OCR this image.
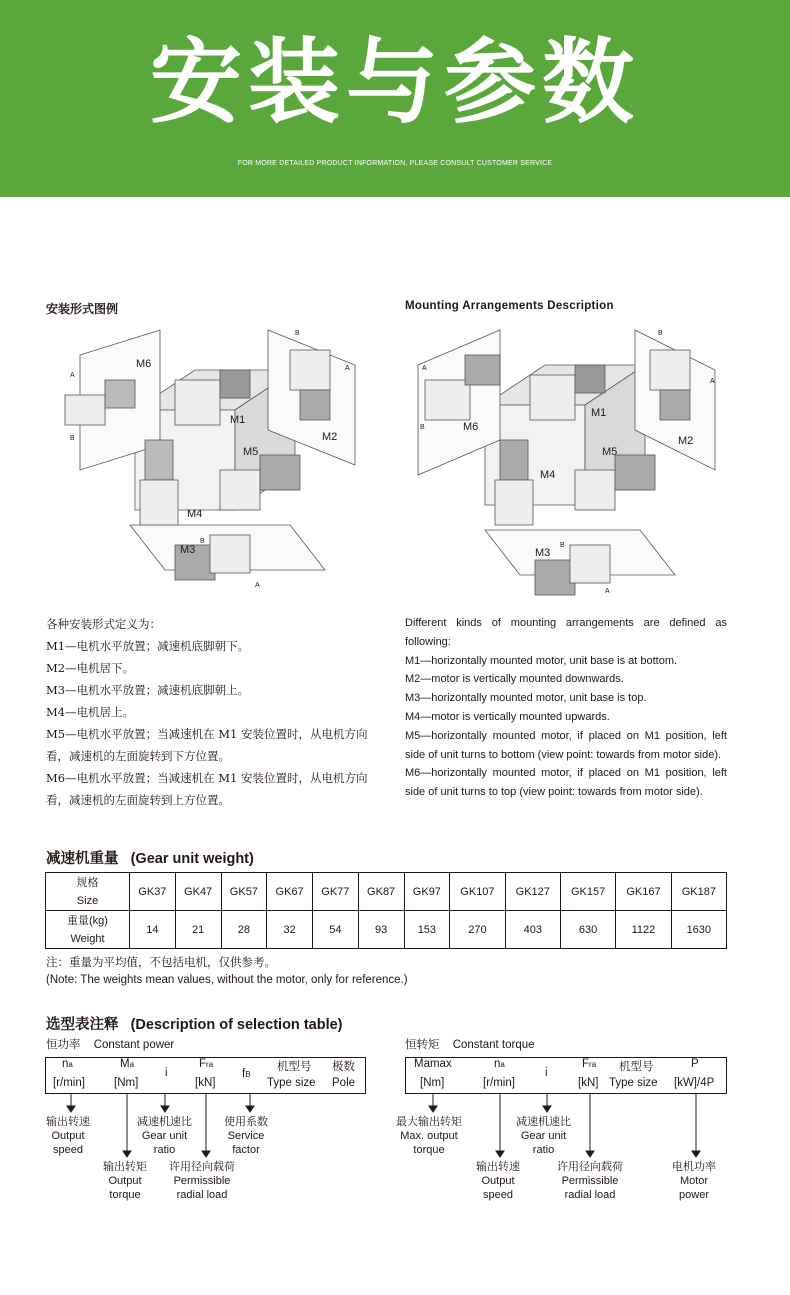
安装与参数
FOR MORE DETAILED PRODUCT INFORMATION, PLEASE CONSULT CUSTOMER SERVICE
安装形式图例	Mounting Arrangements Description
M1
M2
M3
M4
M5
M6
A
B
B
A
A
B
M1
M2
M3
M4
M5
M6
A
B
B
A
A
B

各种安装形式定义为：

M1—电机水平放置；减速机底脚朝下。

M2—电机居下。

M3—电机水平放置；减速机底脚朝上。

M4—电机居上。

M5—电机水平放置；当减速机在 M1 安装位置时，从电机方向看，减速机的左面旋转到下方位置。

M6—电机水平放置；当减速机在 M1 安装位置时，从电机方向看，减速机的左面旋转到上方位置。

Different kinds of mounting arrangements are defined as following:

M1—horizontally mounted motor, unit base is at bottom.

M2—motor is vertically mounted downwards.

M3—horizontally mounted motor, unit base is top.

M4—motor is vertically mounted upwards.

M5—horizontally mounted motor, if placed on M1 position, left side of unit turns to bottom (view point: towards from motor side).

M6—horizontally mounted motor, if placed on M1 position, left side of unit turns to top (view point: towards from motor side).

减速机重量 (Gear unit weight)
规格
Size	GK37	GK47	GK57	GK67	GK77	GK87	GK97	GK107	GK127	GK157	GK167	GK187
重量(kg)
Weight	14	21	28	32	54	93	153	270	403	630	1122	1630
注：重量为平均值，不包括电机，仅供参考。
(Note: The weights mean values, without the motor, only for reference.)
选型表注释 (Description of selection table)
恒功率 Constant power
na
[r/min]
Ma
[Nm]
i
Fra
[kN]
fB
机型号
Type size
极数
Pole
输出转速
Output
speed
减速机速比
Gear unit
ratio
使用系数
Service
factor
输出转矩
Output
torque
许用径向载荷
Permissible
radial load
恒转矩 Constant torque
Mamax
[Nm]
na
[r/min]
i
Fra
[kN]
机型号
Type size
P
[kW]/4P
最大输出转矩
Max. output
torque
减速机速比
Gear unit
ratio
输出转速
Output
speed
许用径向载荷
Permissible
radial load
电机功率
Motor
power
